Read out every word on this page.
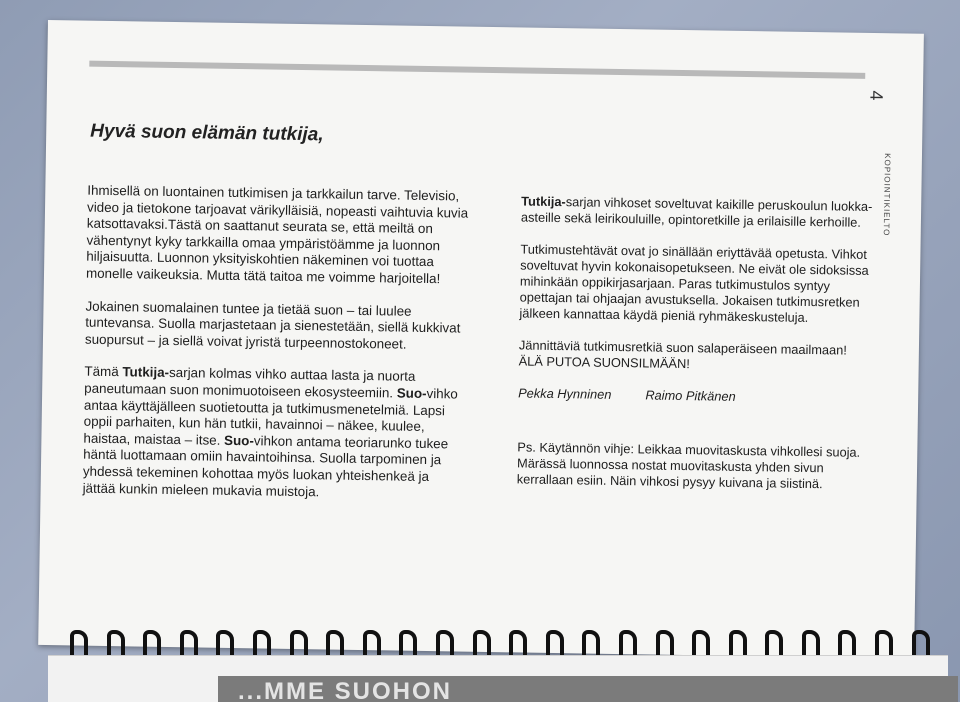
4
KOPIOINTIKIELTO
Hyvä suon elämän tutkija,

Ihmisellä on luontainen tutkimisen ja tarkkailun tarve. Televisio, video ja tietokone tarjoavat värikylläisiä, nopeasti vaihtuvia kuvia katsottavaksi.Tästä on saattanut seurata se, että meiltä on vähentynyt kyky tarkkailla omaa ympäristöämme ja luonnon hiljaisuutta. Luonnon yksityiskohtien näkeminen voi tuottaa monelle vaikeuksia. Mutta tätä taitoa me voimme harjoitella!

Jokainen suomalainen tuntee ja tietää suon – tai luulee tuntevansa. Suolla marjastetaan ja sienestetään, siellä kukkivat suopursut – ja siellä voivat jyristä turpeennostokoneet.

Tämä Tutkija-sarjan kolmas vihko auttaa lasta ja nuorta paneutumaan suon monimuotoiseen ekosysteemiin. Suo-vihko antaa käyttäjälleen suotietoutta ja tutkimusmenetelmiä. Lapsi oppii parhaiten, kun hän tutkii, havainnoi – näkee, kuulee, haistaa, maistaa – itse. Suo-vihkon antama teoriarunko tukee häntä luottamaan omiin havaintoihinsa. Suolla tarpominen ja yhdessä tekeminen kohottaa myös luokan yhteishenkeä ja jättää kunkin mieleen mukavia muistoja.

Tutkija-sarjan vihkoset soveltuvat kaikille peruskoulun luokka-asteille sekä leirikouluille, opintoretkille ja erilaisille kerhoille.

Tutkimustehtävät ovat jo sinällään eriyttävää opetusta. Vihkot soveltuvat hyvin kokonaisopetukseen. Ne eivät ole sidoksissa mihinkään oppikirjasarjaan. Paras tutkimustulos syntyy opettajan tai ohjaajan avustuksella. Jokaisen tutkimusretken jälkeen kannattaa käydä pieniä ryhmäkeskusteluja.

Jännittäviä tutkimusretkiä suon salaperäiseen maailmaan!
ÄLÄ PUTOA SUONSILMÄÄN!

Pekka Hynninen	Raimo Pitkänen

Ps. Käytännön vihje: Leikkaa muovitaskusta vihkollesi suoja. Märässä luonnossa nostat muovitaskusta yhden sivun kerrallaan esiin. Näin vihkosi pysyy kuivana ja siistinä.

...MME SUOHON
